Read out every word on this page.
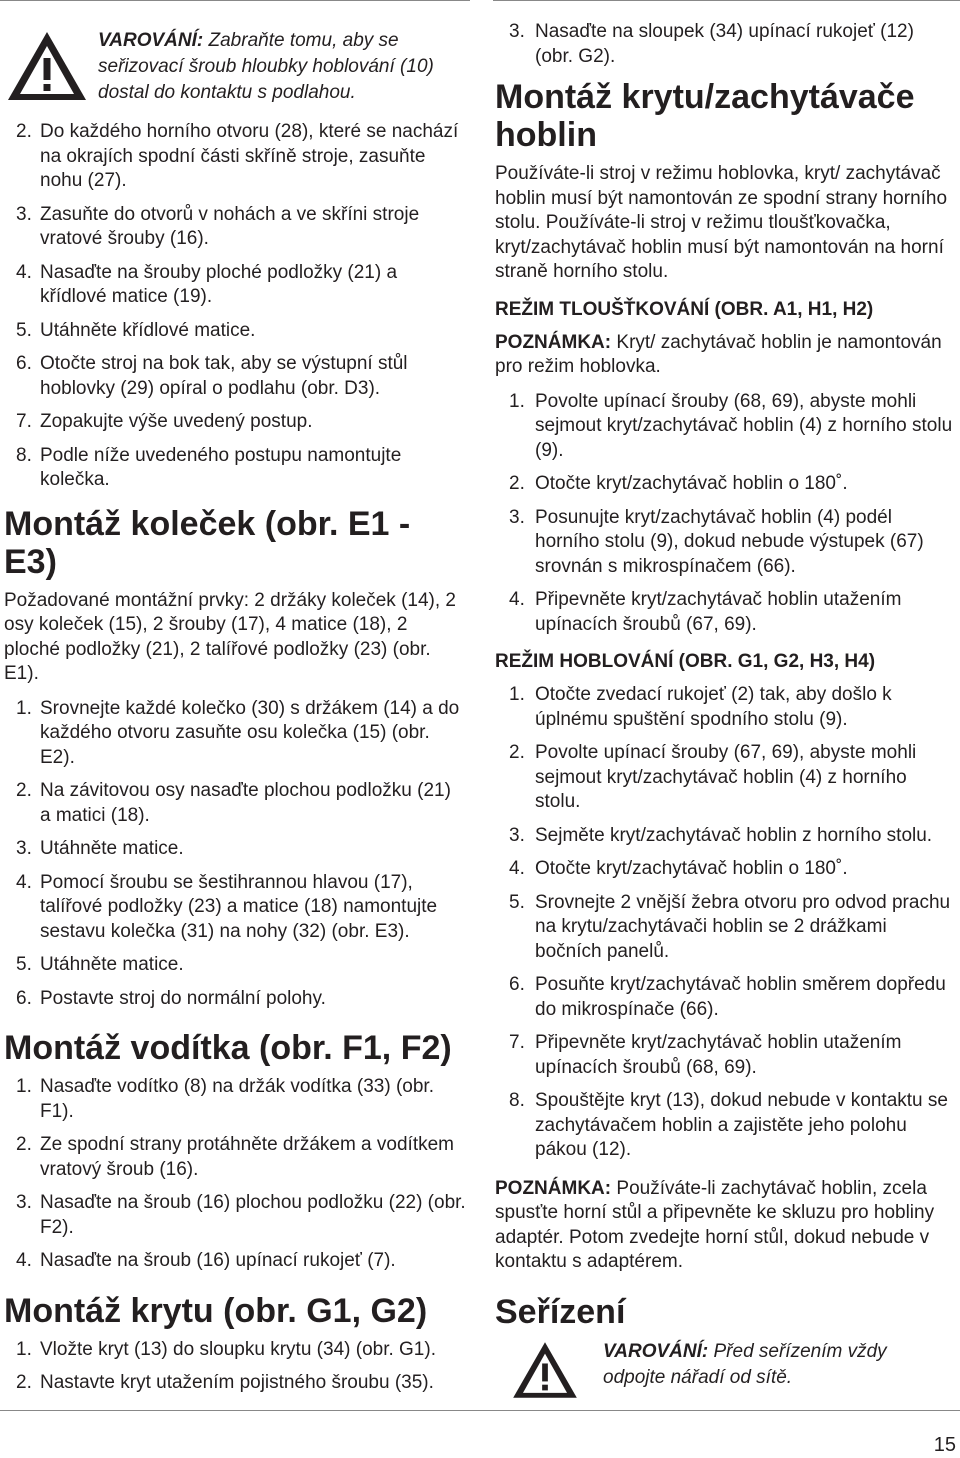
VAROVÁNÍ: Zabraňte tomu, aby se seřizovací šroub hloubky hoblování (10) dostal do kontaktu s podlahou.
2. Do každého horního otvoru (28), které se nachází na okrajích spodní části skříně stroje, zasuňte nohu (27).
3. Zasuňte do otvorů v nohách a ve skříni stroje vratové šrouby (16).
4. Nasaďte na šrouby ploché podložky (21) a křídlové matice (19).
5. Utáhněte křídlové matice.
6. Otočte stroj na bok tak, aby se výstupní stůl hoblovky (29) opíral o podlahu (obr. D3).
7. Zopakujte výše uvedený postup.
8. Podle níže uvedeného postupu namontujte kolečka.
Montáž koleček (obr. E1 - E3)

Požadované montážní prvky: 2 držáky koleček (14), 2 osy koleček (15), 2 šrouby (17), 4 matice (18), 2 ploché podložky (21), 2 talířové podložky (23) (obr. E1).

1. Srovnejte každé kolečko (30) s držákem (14) a do každého otvoru zasuňte osu kolečka (15) (obr. E2).
2. Na závitovou osy nasaďte plochou podložku (21) a matici (18).
3. Utáhněte matice.
4. Pomocí šroubu se šestihrannou hlavou (17), talířové podložky (23) a matice (18) namontujte sestavu kolečka (31) na nohy (32) (obr. E3).
5. Utáhněte matice.
6. Postavte stroj do normální polohy.
Montáž vodítka (obr. F1, F2)
1. Nasaďte vodítko (8) na držák vodítka (33) (obr. F1).
2. Ze spodní strany protáhněte držákem a vodítkem vratový šroub (16).
3. Nasaďte na šroub (16) plochou podložku (22) (obr. F2).
4. Nasaďte na šroub (16) upínací rukojeť (7).
Montáž krytu (obr. G1, G2)
1. Vložte kryt (13) do sloupku krytu (34) (obr. G1).
2. Nastavte kryt utažením pojistného šroubu (35).
3. Nasaďte na sloupek (34) upínací rukojeť (12) (obr. G2).
Montáž krytu/zachytávače hoblin

Používáte-li stroj v režimu hoblovka, kryt/ zachytávač hoblin musí být namontován ze spodní strany horního stolu. Používáte-li stroj v režimu tloušťkovačka, kryt/zachytávač hoblin musí být namontován na horní straně horního stolu.

REŽIM TLOUŠŤKOVÁNÍ (OBR. A1, H1, H2)

POZNÁMKA: Kryt/ zachytávač hoblin je namontován pro režim hoblovka.

1. Povolte upínací šrouby (68, 69), abyste mohli sejmout kryt/zachytávač hoblin (4) z horního stolu (9).
2. Otočte kryt/zachytávač hoblin o 180˚.
3. Posunujte kryt/zachytávač hoblin (4) podél horního stolu (9), dokud nebude výstupek (67) srovnán s mikrospínačem (66).
4. Připevněte kryt/zachytávač hoblin utažením upínacích šroubů (67, 69).
REŽIM HOBLOVÁNÍ (OBR. G1, G2, H3, H4)
1. Otočte zvedací rukojeť (2) tak, aby došlo k úplnému spuštění spodního stolu (9).
2. Povolte upínací šrouby (67, 69), abyste mohli sejmout kryt/zachytávač hoblin (4) z horního stolu.
3. Sejměte kryt/zachytávač hoblin z horního stolu.
4. Otočte kryt/zachytávač hoblin o 180˚.
5. Srovnejte 2 vnější žebra otvoru pro odvod prachu na krytu/zachytávači hoblin se 2 drážkami bočních panelů.
6. Posuňte kryt/zachytávač hoblin směrem dopředu do mikrospínače (66).
7. Připevněte kryt/zachytávač hoblin utažením upínacích šroubů (68, 69).
8. Spouštějte kryt (13), dokud nebude v kontaktu se zachytávačem hoblin a zajistěte jeho polohu pákou (12).

POZNÁMKA: Používáte-li zachytávač hoblin, zcela spusťte horní stůl a připevněte ke skluzu pro hobliny adaptér. Potom zvedejte horní stůl, dokud nebude v kontaktu s adaptérem.

Seřízení
VAROVÁNÍ: Před seřízením vždy odpojte nářadí od sítě.
15
